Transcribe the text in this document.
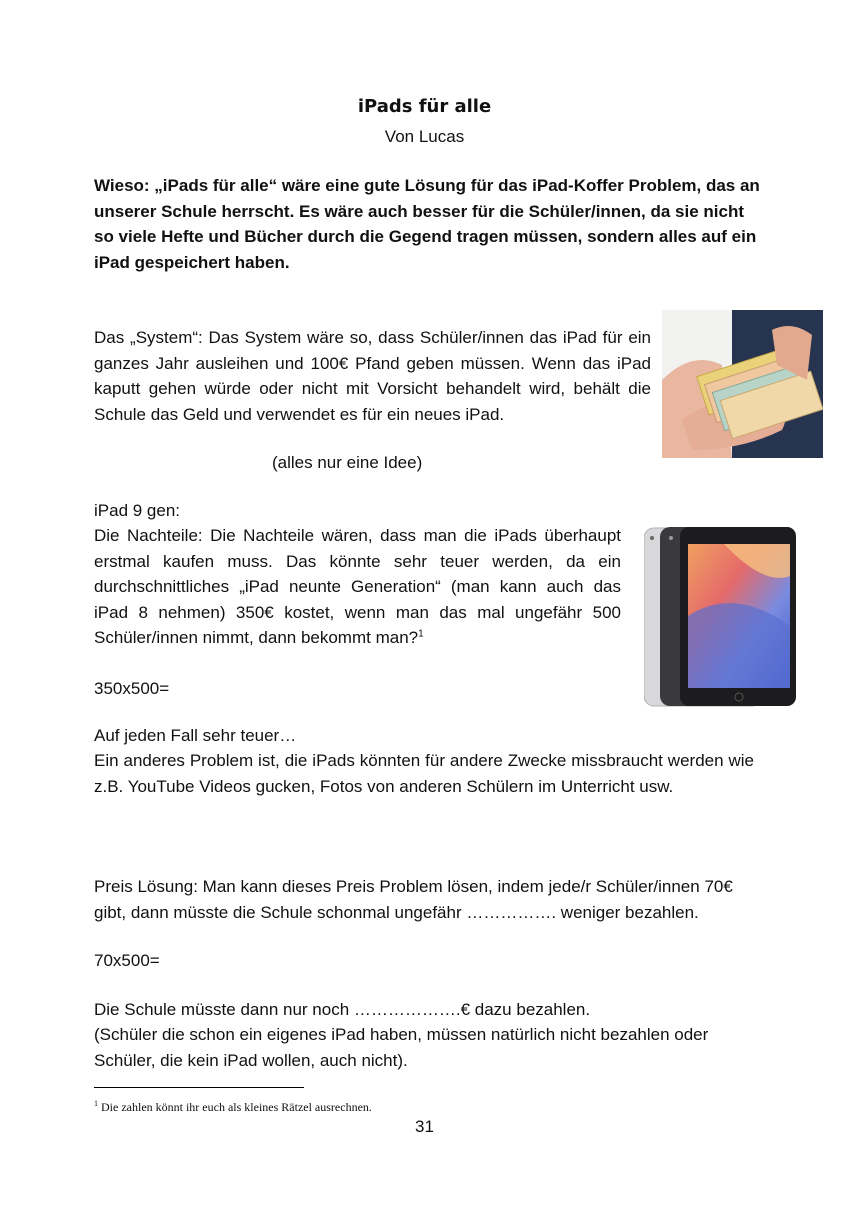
iPads für alle
Von Lucas
Wieso: „iPads für alle“ wäre eine gute Lösung für das iPad-Koffer Problem, das an unserer Schule herrscht. Es wäre auch besser für die Schüler/innen, da sie nicht so viele Hefte und Bücher durch die Gegend tragen müssen, sondern alles auf ein iPad gespeichert haben.
Das „System“: Das System wäre so, dass Schüler/innen das iPad für ein ganzes Jahr ausleihen und 100€ Pfand geben müssen. Wenn das iPad kaputt gehen würde oder nicht mit Vorsicht behandelt wird, behält die Schule das Geld und verwendet es für ein neues iPad.
(alles nur eine Idee)
iPad 9 gen:
Die Nachteile: Die Nachteile wären, dass man die iPads überhaupt erstmal kaufen muss. Das könnte sehr teuer werden, da ein durchschnittliches „iPad neunte Generation“ (man kann auch das iPad 8 nehmen) 350€ kostet, wenn man das mal ungefähr 500 Schüler/innen nimmt, dann bekommt man?$^1$
350x500=
Auf jeden Fall sehr teuer…
Ein anderes Problem ist, die iPads könnten für andere Zwecke missbraucht werden wie z.B. YouTube Videos gucken, Fotos von anderen Schülern im Unterricht usw.
Preis Lösung: Man kann dieses Preis Problem lösen, indem jede/r Schüler/innen 70€ gibt, dann müsste die Schule schonmal ungefähr ……………. weniger bezahlen.
70x500=
Die Schule müsste dann nur noch ……………….€ dazu bezahlen.
(Schüler die schon ein eigenes iPad haben, müssen natürlich nicht bezahlen oder Schüler, die kein iPad wollen, auch nicht).
$^1$ Die zahlen könnt ihr euch als kleines Rätzel ausrechnen.
31
